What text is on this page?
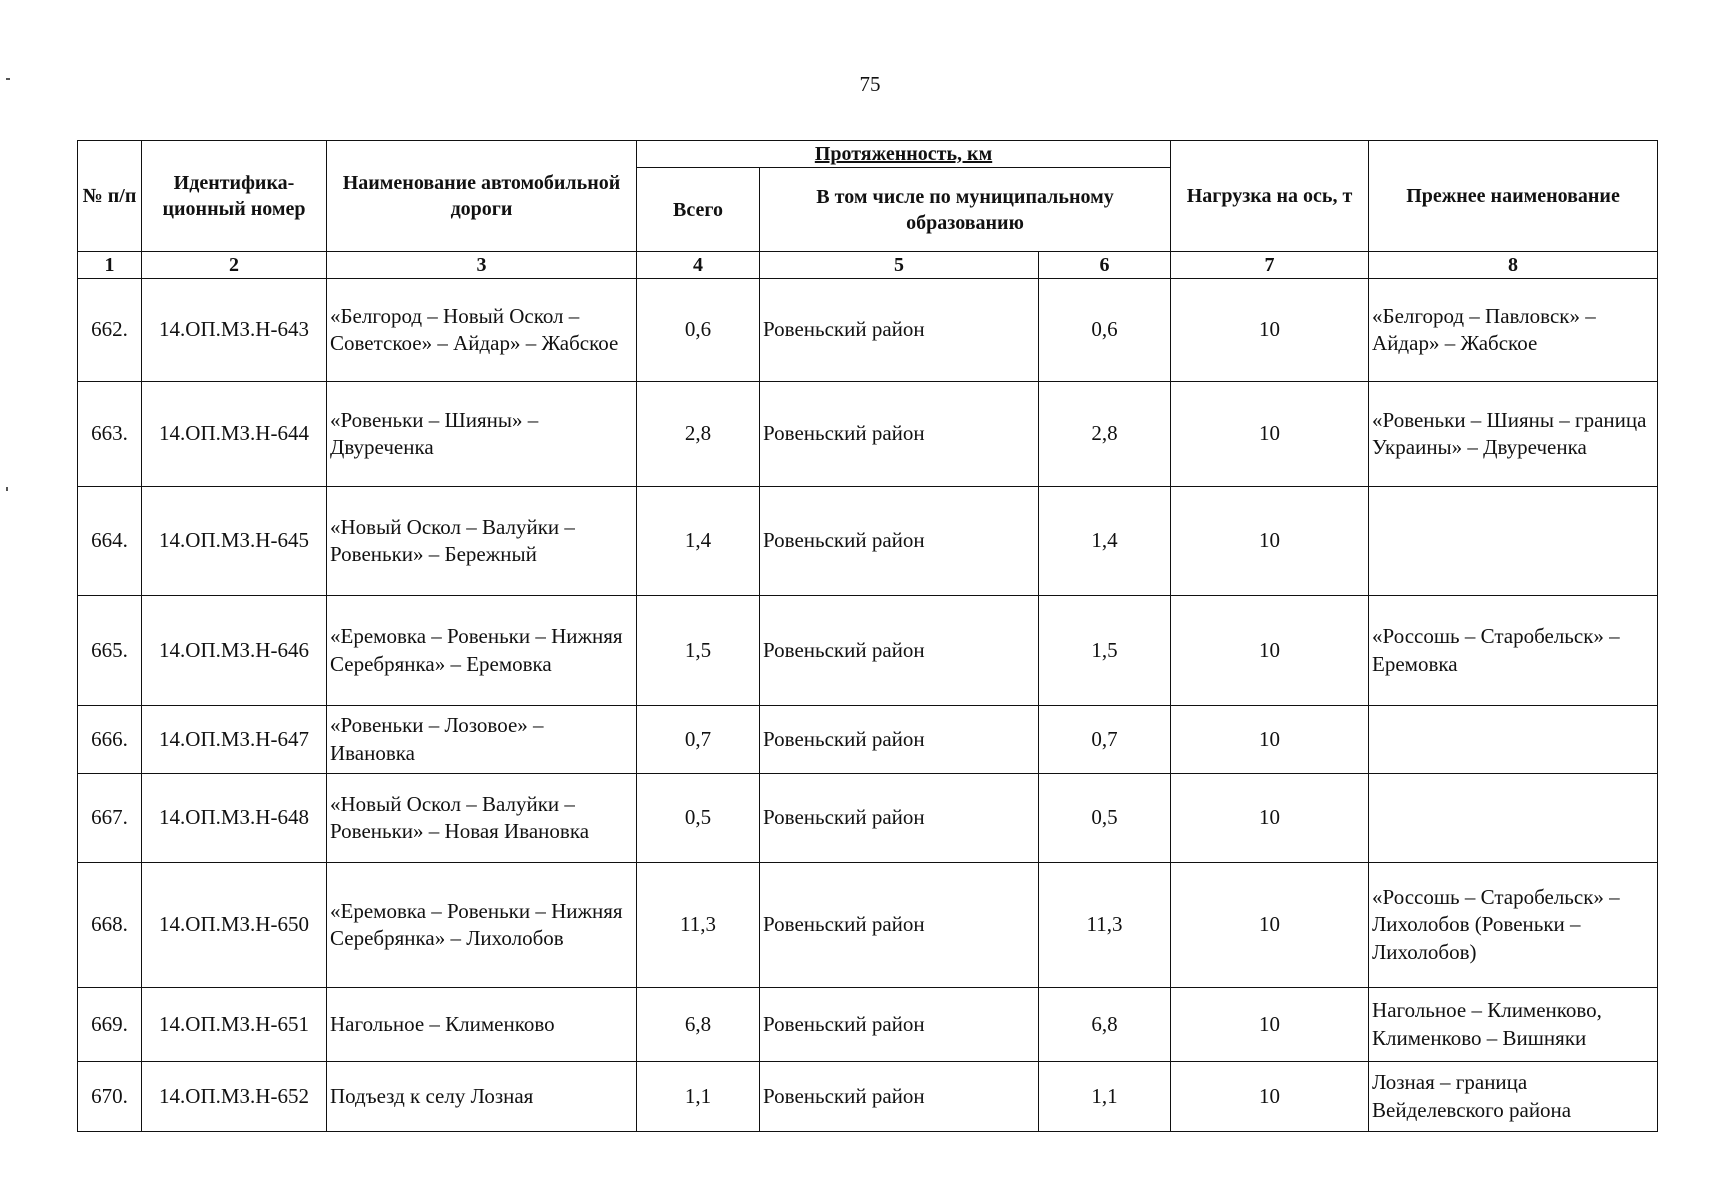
75
№ п/п	Идентифика-ционный номер	Наименование автомобильной дороги	Протяженность, км			Нагрузка на ось, т	Прежнее наименование
			Всего	В том числе по муниципальному образованию			
1	2	3	4	5	6	7	8
662.	14.ОП.МЗ.Н-643	«Белгород – Новый Оскол – Советское» – Айдар» – Жабское	0,6	Ровеньский район	0,6	10	«Белгород – Павловск» – Айдар» – Жабское
663.	14.ОП.МЗ.Н-644	«Ровеньки – Шияны» – Двуреченка	2,8	Ровеньский район	2,8	10	«Ровеньки – Шияны – граница Украины» – Двуреченка
664.	14.ОП.МЗ.Н-645	«Новый Оскол – Валуйки – Ровеньки» – Бережный	1,4	Ровеньский район	1,4	10	
665.	14.ОП.МЗ.Н-646	«Еремовка – Ровеньки – Нижняя Серебрянка» – Еремовка	1,5	Ровеньский район	1,5	10	«Россошь – Старобельск» – Еремовка
666.	14.ОП.МЗ.Н-647	«Ровеньки – Лозовое» – Ивановка	0,7	Ровеньский район	0,7	10	
667.	14.ОП.МЗ.Н-648	«Новый Оскол – Валуйки – Ровеньки» – Новая Ивановка	0,5	Ровеньский район	0,5	10	
668.	14.ОП.МЗ.Н-650	«Еремовка – Ровеньки – Нижняя Серебрянка» – Лихолобов	11,3	Ровеньский район	11,3	10	«Россошь – Старобельск» – Лихолобов (Ровеньки – Лихолобов)
669.	14.ОП.МЗ.Н-651	Нагольное – Клименково	6,8	Ровеньский район	6,8	10	Нагольное – Клименково, Клименково – Вишняки
670.	14.ОП.МЗ.Н-652	Подъезд к селу Лозная	1,1	Ровеньский район	1,1	10	Лозная – граница Вейделевского района
